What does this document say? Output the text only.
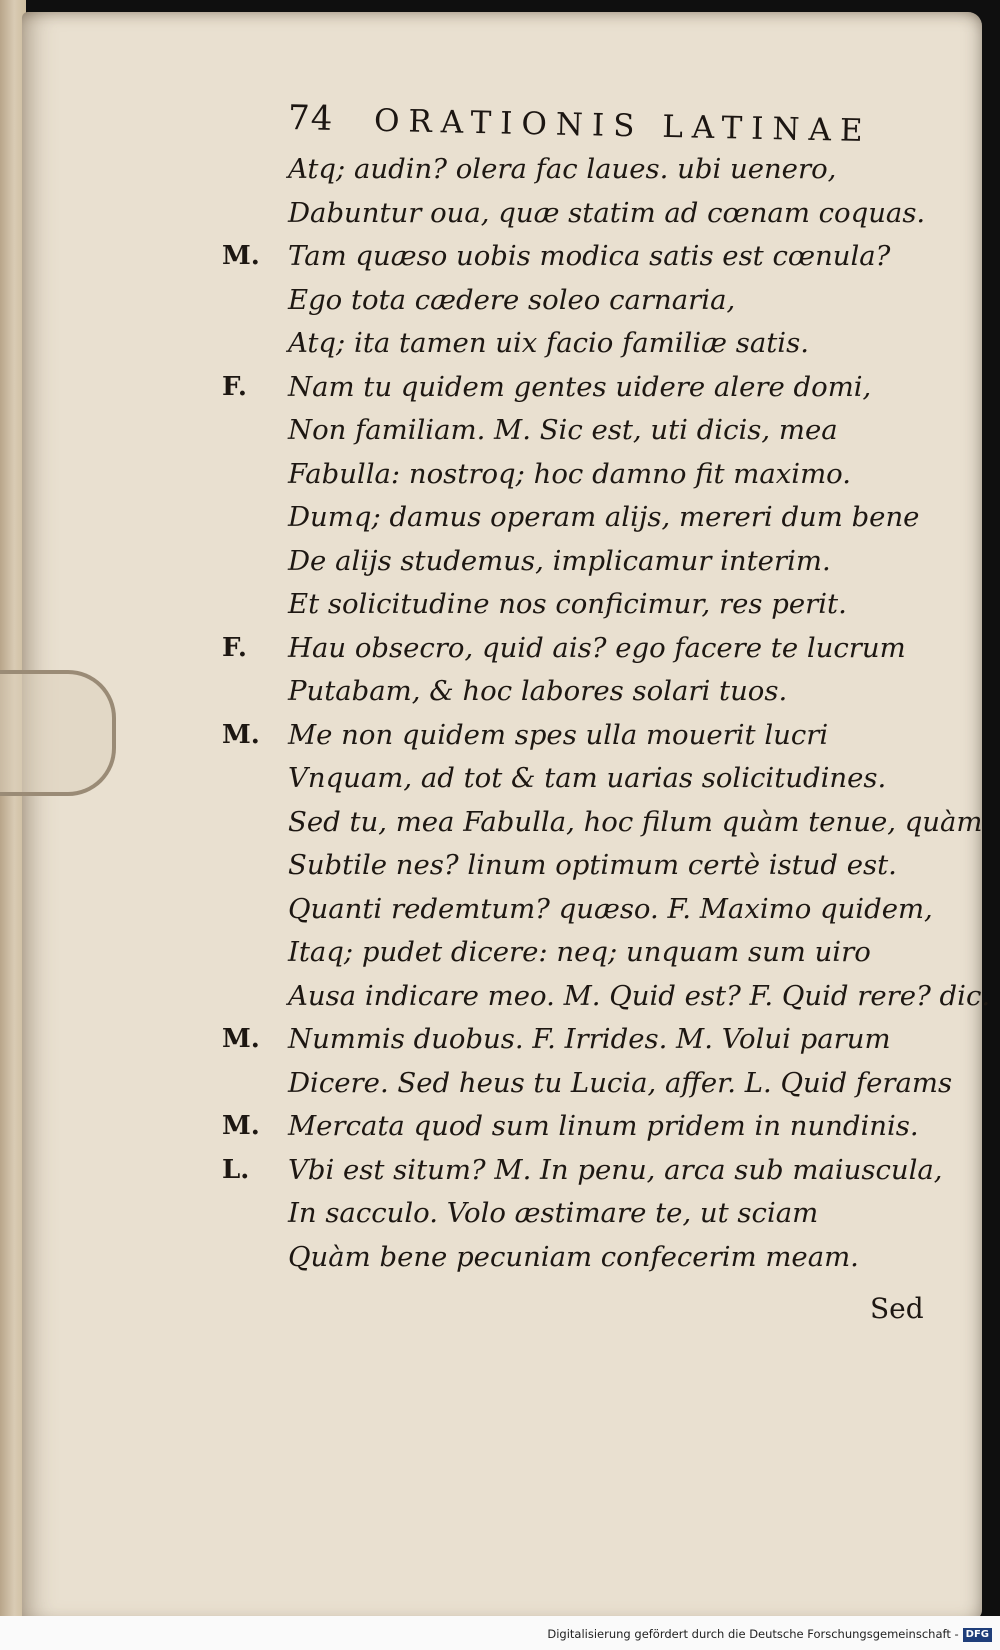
74 ORATIONIS LATINAE
Atq; audin? olera fac laues. ubi uenero,
Dabuntur oua, quæ statim ad cœnam coquas.
M.	Tam quæso uobis modica satis est cœnula?
Ego tota cædere soleo carnaria,
Atq; ita tamen uix facio familiæ satis.
F.	Nam tu quidem gentes uidere alere domi,
Non familiam. M. Sic est, uti dicis, mea
Fabulla: nostroq; hoc damno fit maximo.
Dumq; damus operam alijs, mereri dum bene
De alijs studemus, implicamur interim.
Et solicitudine nos conficimur, res perit.
F.	Hau obsecro, quid ais? ego facere te lucrum
Putabam, & hoc labores solari tuos.
M.	Me non quidem spes ulla mouerit lucri
Vnquam, ad tot & tam uarias solicitudines.
Sed tu, mea Fabulla, hoc filum quàm tenue, quàm
Subtile nes? linum optimum certè istud est.
Quanti redemtum? quæso. F. Maximo quidem,
Itaq; pudet dicere: neq; unquam sum uiro
Ausa indicare meo. M. Quid est? F. Quid rere? dic.
M.	Nummis duobus. F. Irrides. M. Volui parum
Dicere. Sed heus tu Lucia, affer. L. Quid ferams
M.	Mercata quod sum linum pridem in nundinis.
L.	Vbi est situm? M. In penu, arca sub maiuscula,
In sacculo. Volo æstimare te, ut sciam
Quàm bene pecuniam confecerim meam.
Sed
Digitalisierung gefördert durch die Deutsche Forschungsgemeinschaft - DFG
